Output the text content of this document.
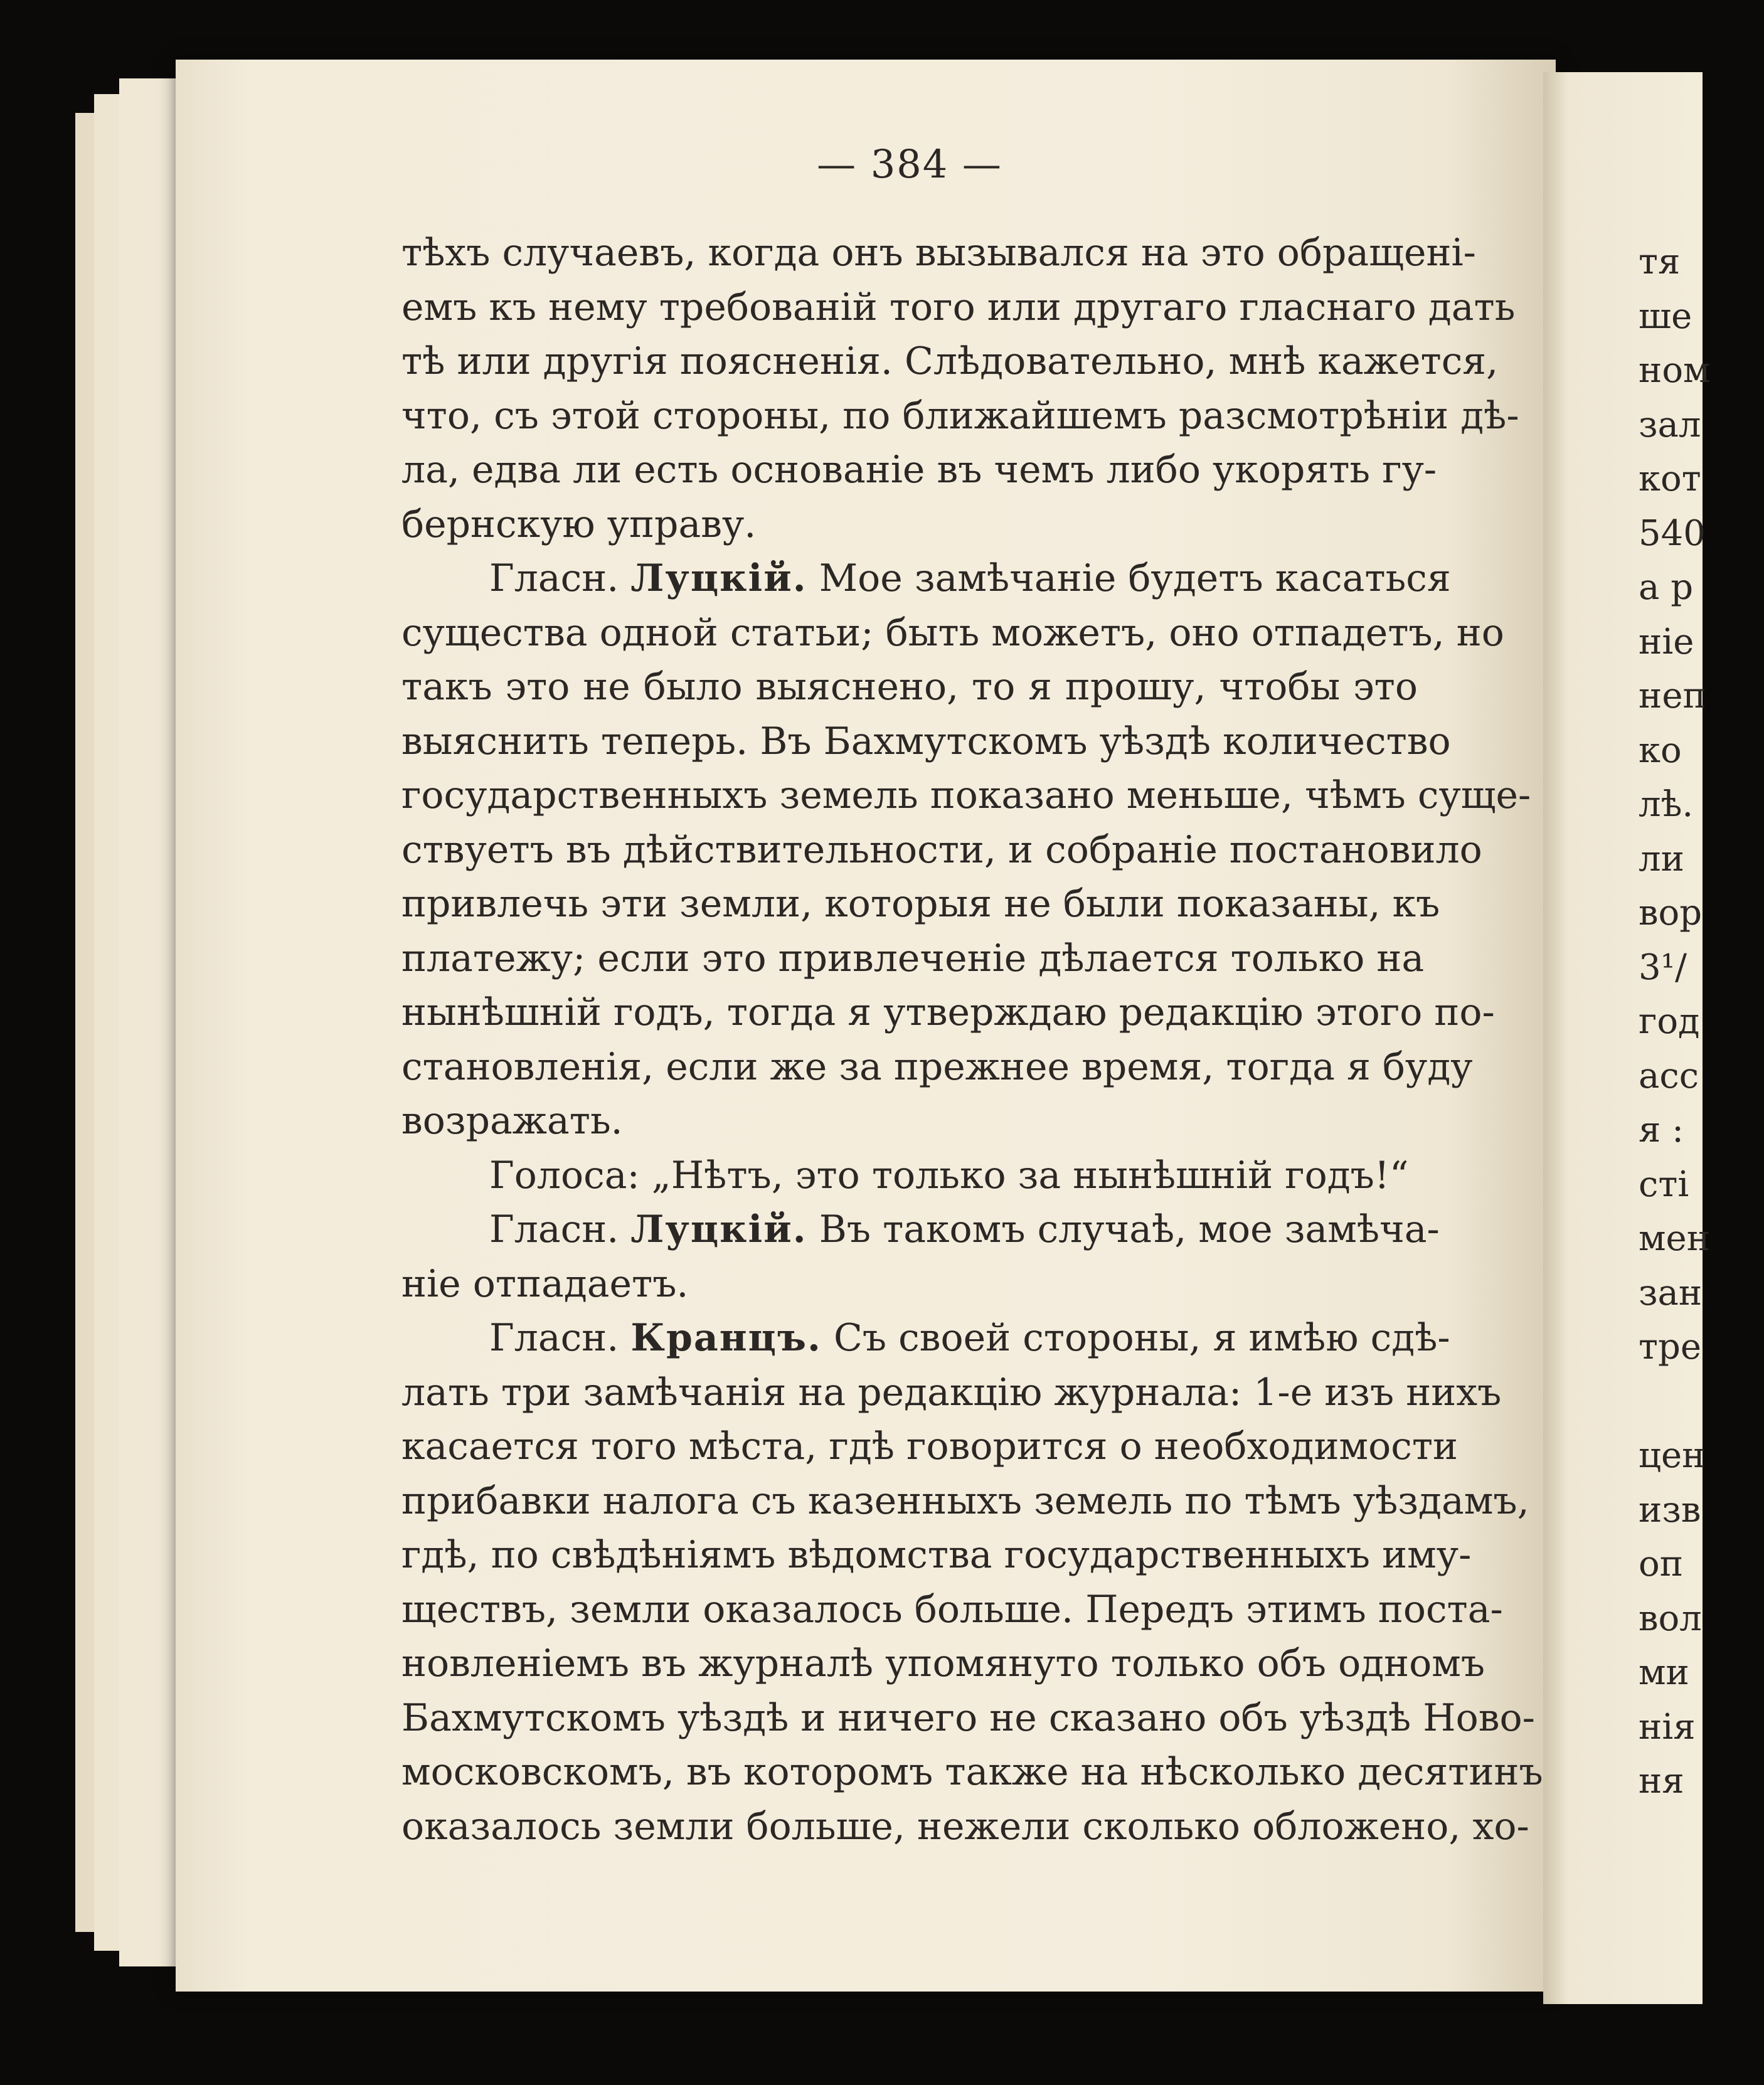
— 384 —
тѣхъ случаевъ, когда онъ вызывался на это обращені-
емъ къ нему требованій того или другаго гласнаго дать
тѣ или другія поясненія. Слѣдовательно, мнѣ кажется,
что, съ этой стороны, по ближайшемъ разсмотрѣніи дѣ-
ла, едва ли есть основаніе въ чемъ либо укорять гу-
бернскую управу.
Гласн. Луцкій. Мое замѣчаніе будетъ касаться
существа одной статьи; быть можетъ, оно отпадетъ, но
такъ это не было выяснено, то я прошу, чтобы это
выяснить теперь. Въ Бахмутскомъ уѣздѣ количество
государственныхъ земель показано меньше, чѣмъ суще-
ствуетъ въ дѣйствительности, и собраніе постановило
привлечь эти земли, которыя не были показаны, къ
платежу; если это привлеченіе дѣлается только на
нынѣшній годъ, тогда я утверждаю редакцію этого по-
становленія, если же за прежнее время, тогда я буду
возражать.
Голоса: „Нѣтъ, это только за нынѣшній годъ!“
Гласн. Луцкій. Въ такомъ случаѣ, мое замѣча-
ніе отпадаетъ.
Гласн. Кранцъ. Съ своей стороны, я имѣю сдѣ-
лать три замѣчанія на редакцію журнала: 1-е изъ нихъ
касается того мѣста, гдѣ говорится о необходимости
прибавки налога съ казенныхъ земель по тѣмъ уѣздамъ,
гдѣ, по свѣдѣніямъ вѣдомства государственныхъ иму-
ществъ, земли оказалось больше. Передъ этимъ поста-
новленіемъ въ журналѣ упомянуто только объ одномъ
Бахмутскомъ уѣздѣ и ничего не сказано объ уѣздѣ Ново-
московскомъ, въ которомъ также на нѣсколько десятинъ
оказалось земли больше, нежели сколько обложено, хо-
тя
ше
ном
зал
кот
540
а р
ніе
неп
ко
лѣ.
ли
вор
3¹/
год
асс
я :
сті
мен
зан
тре
цен
изв
оп
вол
ми
нія
ня
